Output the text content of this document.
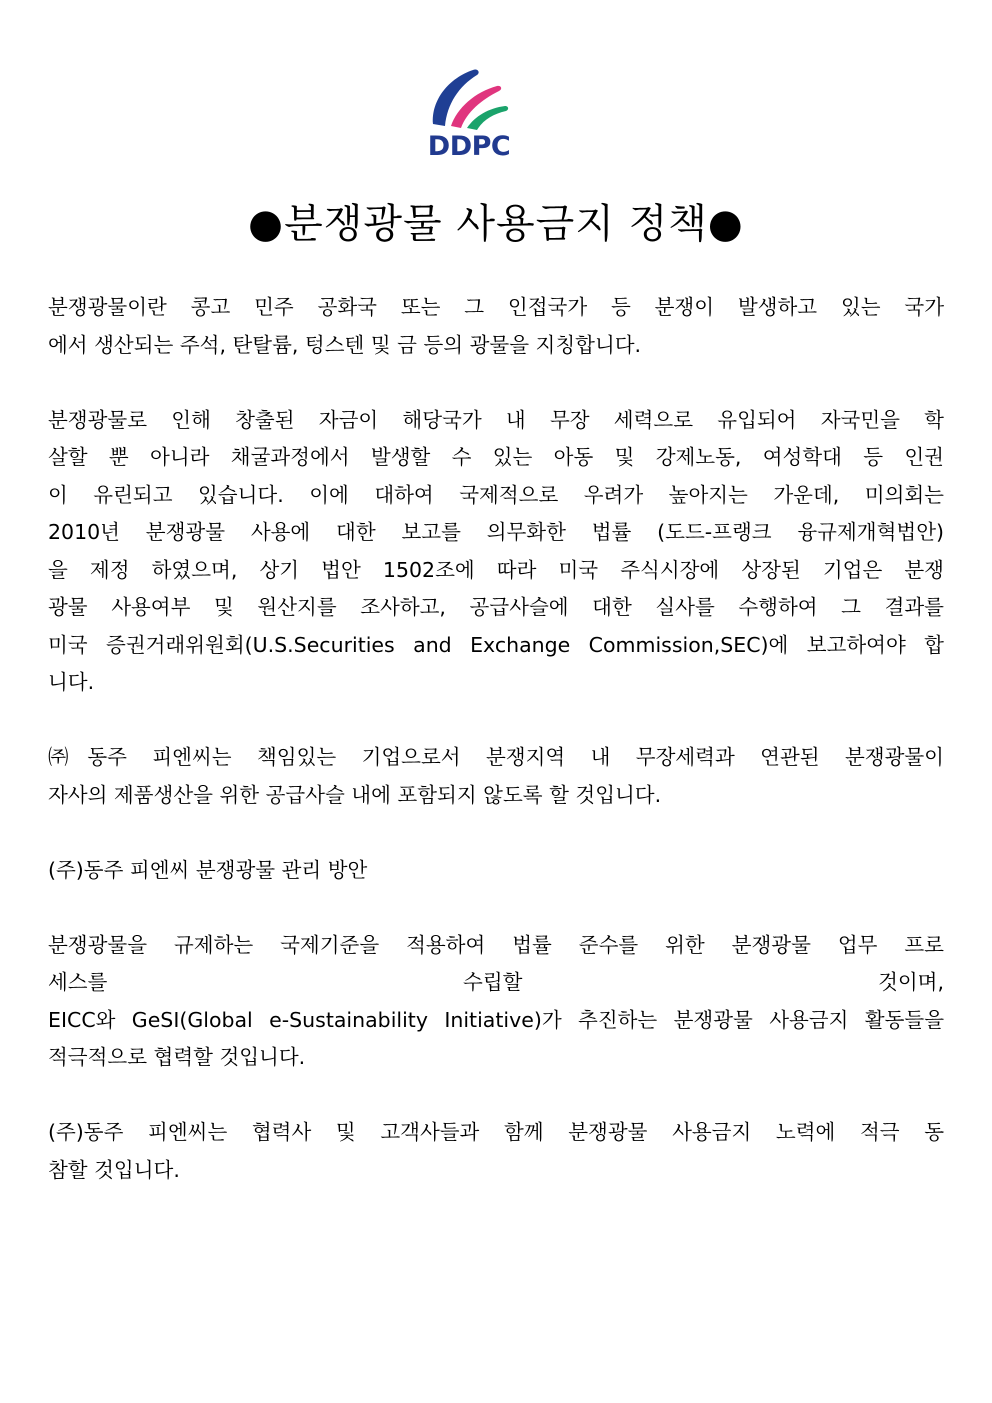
DDPC
●분쟁광물 사용금지 정책●
분쟁광물이란 콩고 민주 공화국 또는 그 인접국가 등 분쟁이 발생하고 있는 국가
에서 생산되는 주석, 탄탈륨, 텅스텐 및 금 등의 광물을 지칭합니다.
분쟁광물로 인해 창출된 자금이 해당국가 내 무장 세력으로 유입되어 자국민을 학
살할 뿐 아니라 채굴과정에서 발생할 수 있는 아동 및 강제노동, 여성학대 등 인권
이 유린되고 있습니다. 이에 대하여 국제적으로 우려가 높아지는 가운데, 미의회는
2010년 분쟁광물 사용에 대한 보고를 의무화한 법률 (도드-프랭크 융규제개혁법안)
을 제정 하였으며, 상기 법안 1502조에 따라 미국 주식시장에 상장된 기업은 분쟁
광물 사용여부 및 원산지를 조사하고, 공급사슬에 대한 실사를 수행하여 그 결과를
미국 증권거래위원회(U.S.Securities and Exchange Commission,SEC)에 보고하여야 합
니다.
㈜동주 피엔씨는 책임있는 기업으로서 분쟁지역 내 무장세력과 연관된 분쟁광물이
자사의 제품생산을 위한 공급사슬 내에 포함되지 않도록 할 것입니다.
(주)동주 피엔씨 분쟁광물 관리 방안
분쟁광물을 규제하는 국제기준을 적용하여 법률 준수를 위한 분쟁광물 업무 프로
세스를 수립할 것이며,
EICC와 GeSI(Global e-Sustainability Initiative)가 추진하는 분쟁광물 사용금지 활동들을
적극적으로 협력할 것입니다.
(주)동주 피엔씨는 협력사 및 고객사들과 함께 분쟁광물 사용금지 노력에 적극 동
참할 것입니다.
